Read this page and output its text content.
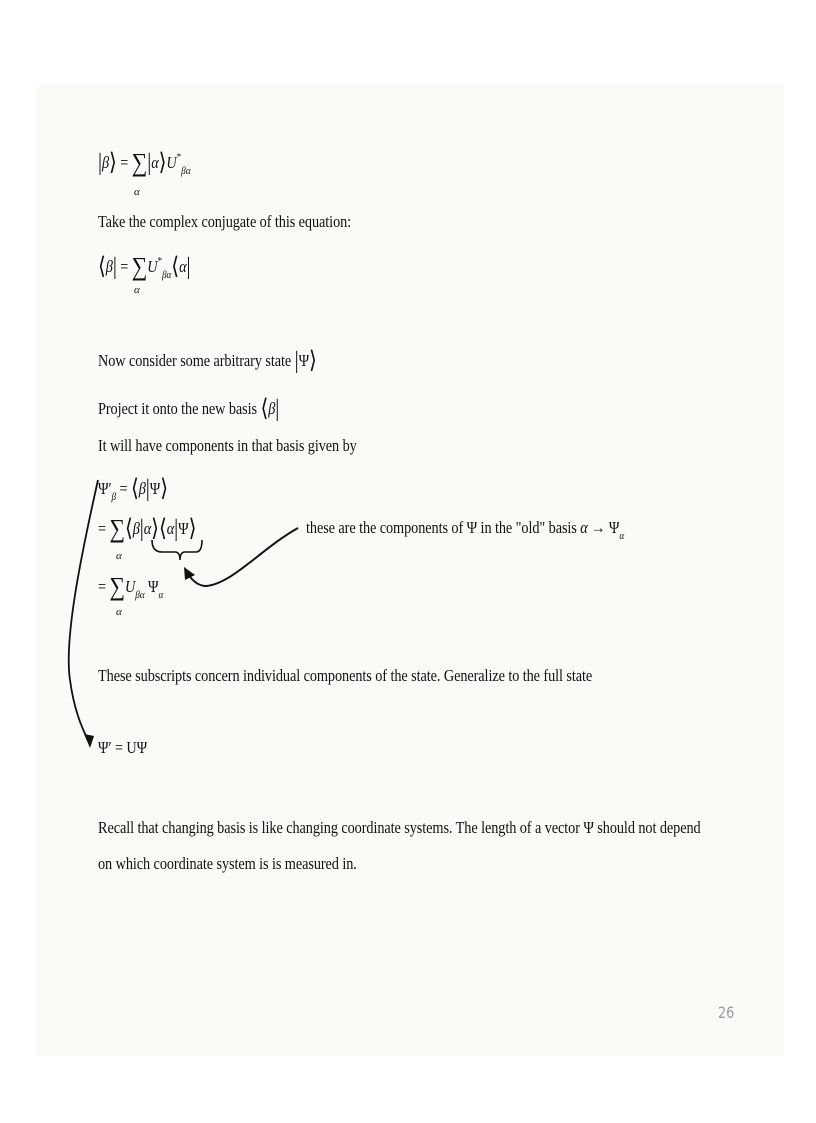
|β⟩ = $\sum|\alpha⟩U^*_{\beta\alpha}$
α
Take the complex conjugate of this equation:
⟨β| = $\sum U^*_{\beta\alpha}⟨\alpha|$
α
Now consider some arbitrary state |Ψ⟩
Project it onto the new basis ⟨β|
It will have components in that basis given by
$\Psi'_\beta$ = ⟨β|Ψ⟩
= ∑⟨β|α⟩⟨α|Ψ⟩
α
these are the components of Ψ in the "old" basis $\alpha \to \Psi_\alpha$
= $\sum U_{\beta\alpha}$ $\Psi_\alpha$
α
These subscripts concern individual components of the state. Generalize to the full state
Ψ′ = UΨ
Recall that changing basis is like changing coordinate systems. The length of a vector Ψ should not depend
on which coordinate system is is measured in.
26
